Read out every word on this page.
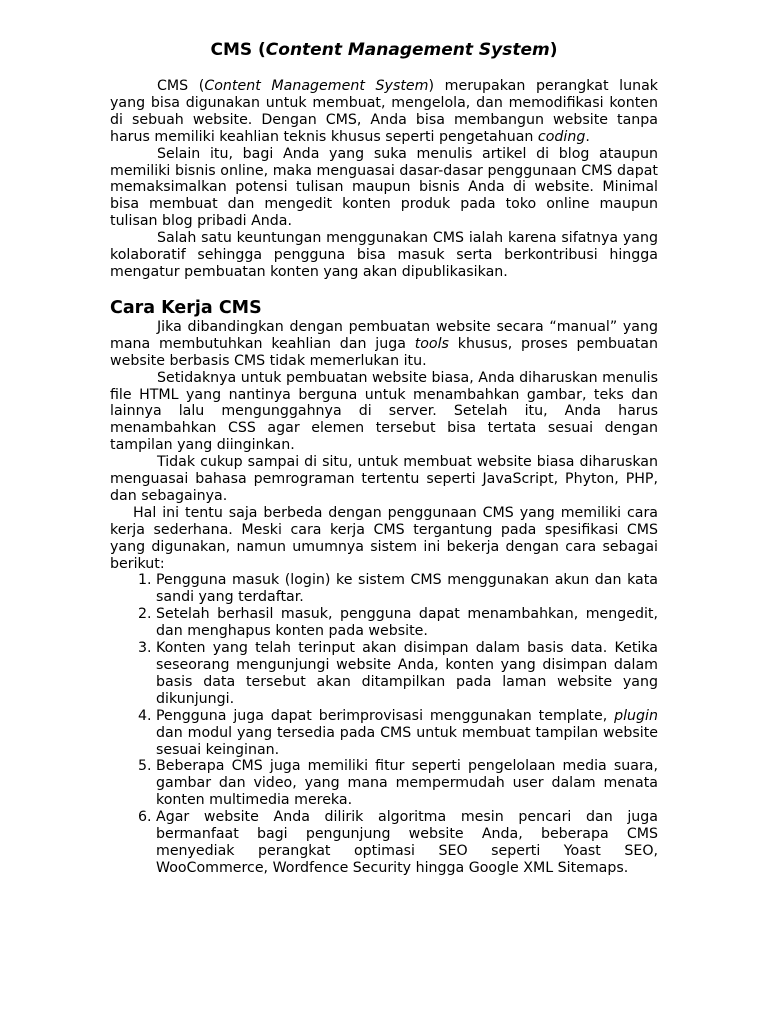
CMS (Content Management System)

CMS (Content Management System) merupakan perangkat lunak yang bisa digunakan untuk membuat, mengelola, dan memodifikasi konten di sebuah website. Dengan CMS, Anda bisa membangun website tanpa harus memiliki keahlian teknis khusus seperti pengetahuan coding.

Selain itu, bagi Anda yang suka menulis artikel di blog ataupun memiliki bisnis online, maka menguasai dasar-dasar penggunaan CMS dapat memaksimalkan potensi tulisan maupun bisnis Anda di website. Minimal bisa membuat dan mengedit konten produk pada toko online maupun tulisan blog pribadi Anda.

Salah satu keuntungan menggunakan CMS ialah karena sifatnya yang kolaboratif sehingga pengguna bisa masuk serta berkontribusi hingga mengatur pembuatan konten yang akan dipublikasikan.

Cara Kerja CMS

Jika dibandingkan dengan pembuatan website secara “manual” yang mana membutuhkan keahlian dan juga tools khusus, proses pembuatan website berbasis CMS tidak memerlukan itu.

Setidaknya untuk pembuatan website biasa, Anda diharuskan menulis file HTML yang nantinya berguna untuk menambahkan gambar, teks dan lainnya lalu mengunggahnya di server. Setelah itu, Anda harus menambahkan CSS agar elemen tersebut bisa tertata sesuai dengan tampilan yang diinginkan.

Tidak cukup sampai di situ, untuk membuat website biasa diharuskan menguasai bahasa pemrograman tertentu seperti JavaScript, Phyton, PHP, dan sebagainya.

Hal ini tentu saja berbeda dengan penggunaan CMS yang memiliki cara kerja sederhana. Meski cara kerja CMS tergantung pada spesifikasi CMS yang digunakan, namun umumnya sistem ini bekerja dengan cara sebagai berikut:

1. Pengguna masuk (login) ke sistem CMS menggunakan akun dan kata sandi yang terdaftar.
2. Setelah berhasil masuk, pengguna dapat menambahkan, mengedit, dan menghapus konten pada website.
3. Konten yang telah terinput akan disimpan dalam basis data. Ketika seseorang mengunjungi website Anda, konten yang disimpan dalam basis data tersebut akan ditampilkan pada laman website yang dikunjungi.
4. Pengguna juga dapat berimprovisasi menggunakan template, plugin dan modul yang tersedia pada CMS untuk membuat tampilan website sesuai keinginan.
5. Beberapa CMS juga memiliki fitur seperti pengelolaan media suara, gambar dan video, yang mana mempermudah user dalam menata konten multimedia mereka.
6. Agar website Anda dilirik algoritma mesin pencari dan juga bermanfaat bagi pengunjung website Anda, beberapa CMS menyediak perangkat optimasi SEO seperti Yoast SEO, WooCommerce, Wordfence Security hingga Google XML Sitemaps.
